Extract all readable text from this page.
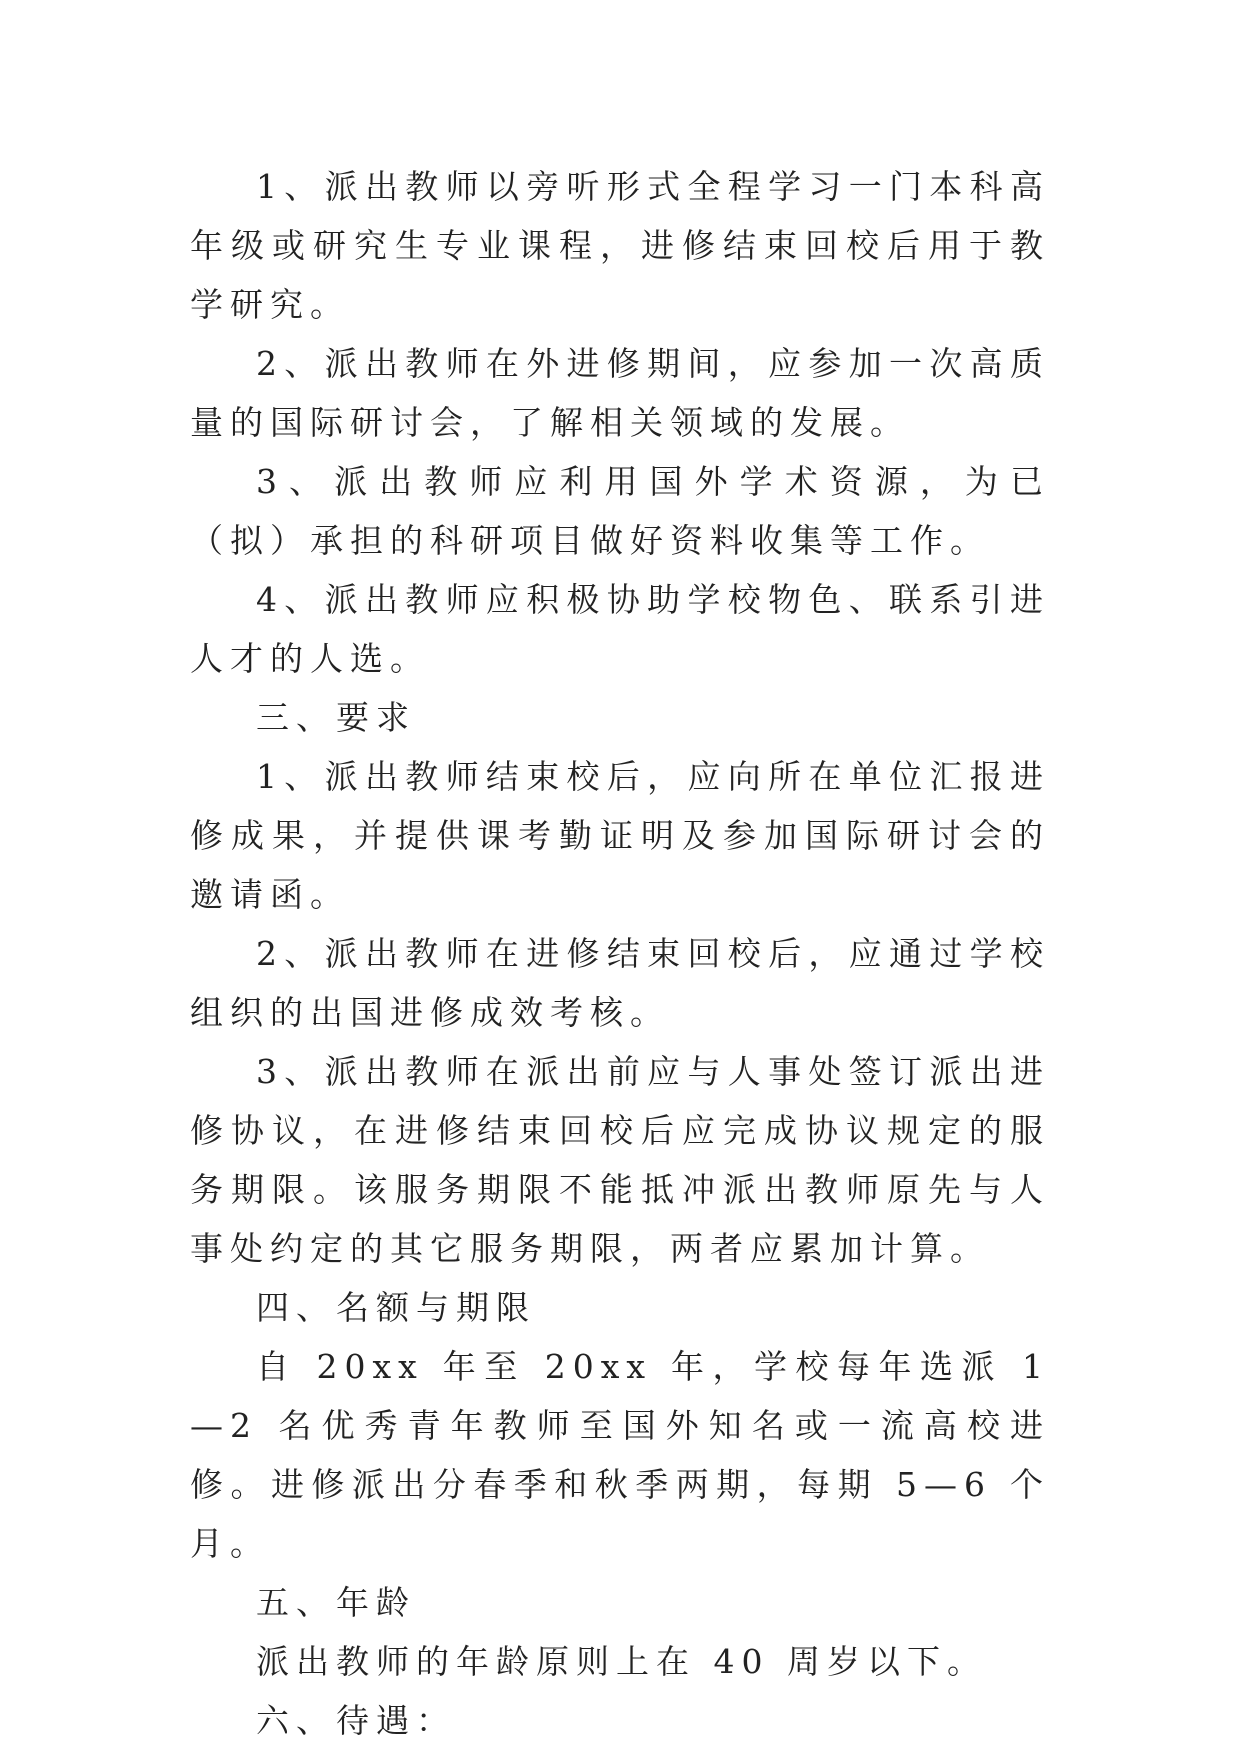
1、派出教师以旁听形式全程学习一门本科高年级或研究生专业课程，进修结束回校后用于教学研究。

2、派出教师在外进修期间，应参加一次高质量的国际研讨会，了解相关领域的发展。

3、派出教师应利用国外学术资源，为已（拟）承担的科研项目做好资料收集等工作。

4、派出教师应积极协助学校物色、联系引进人才的人选。

三、要求

1、派出教师结束校后，应向所在单位汇报进修成果，并提供课考勤证明及参加国际研讨会的邀请函。

2、派出教师在进修结束回校后，应通过学校组织的出国进修成效考核。

3、派出教师在派出前应与人事处签订派出进修协议，在进修结束回校后应完成协议规定的服务期限。该服务期限不能抵冲派出教师原先与人事处约定的其它服务期限，两者应累加计算。

四、名额与期限

自 20xx 年至 20xx 年，学校每年选派 1—2 名优秀青年教师至国外知名或一流高校进修。进修派出分春季和秋季两期，每期 5—6 个月。

五、年龄

派出教师的年龄原则上在 40 周岁以下。

六、待遇：
